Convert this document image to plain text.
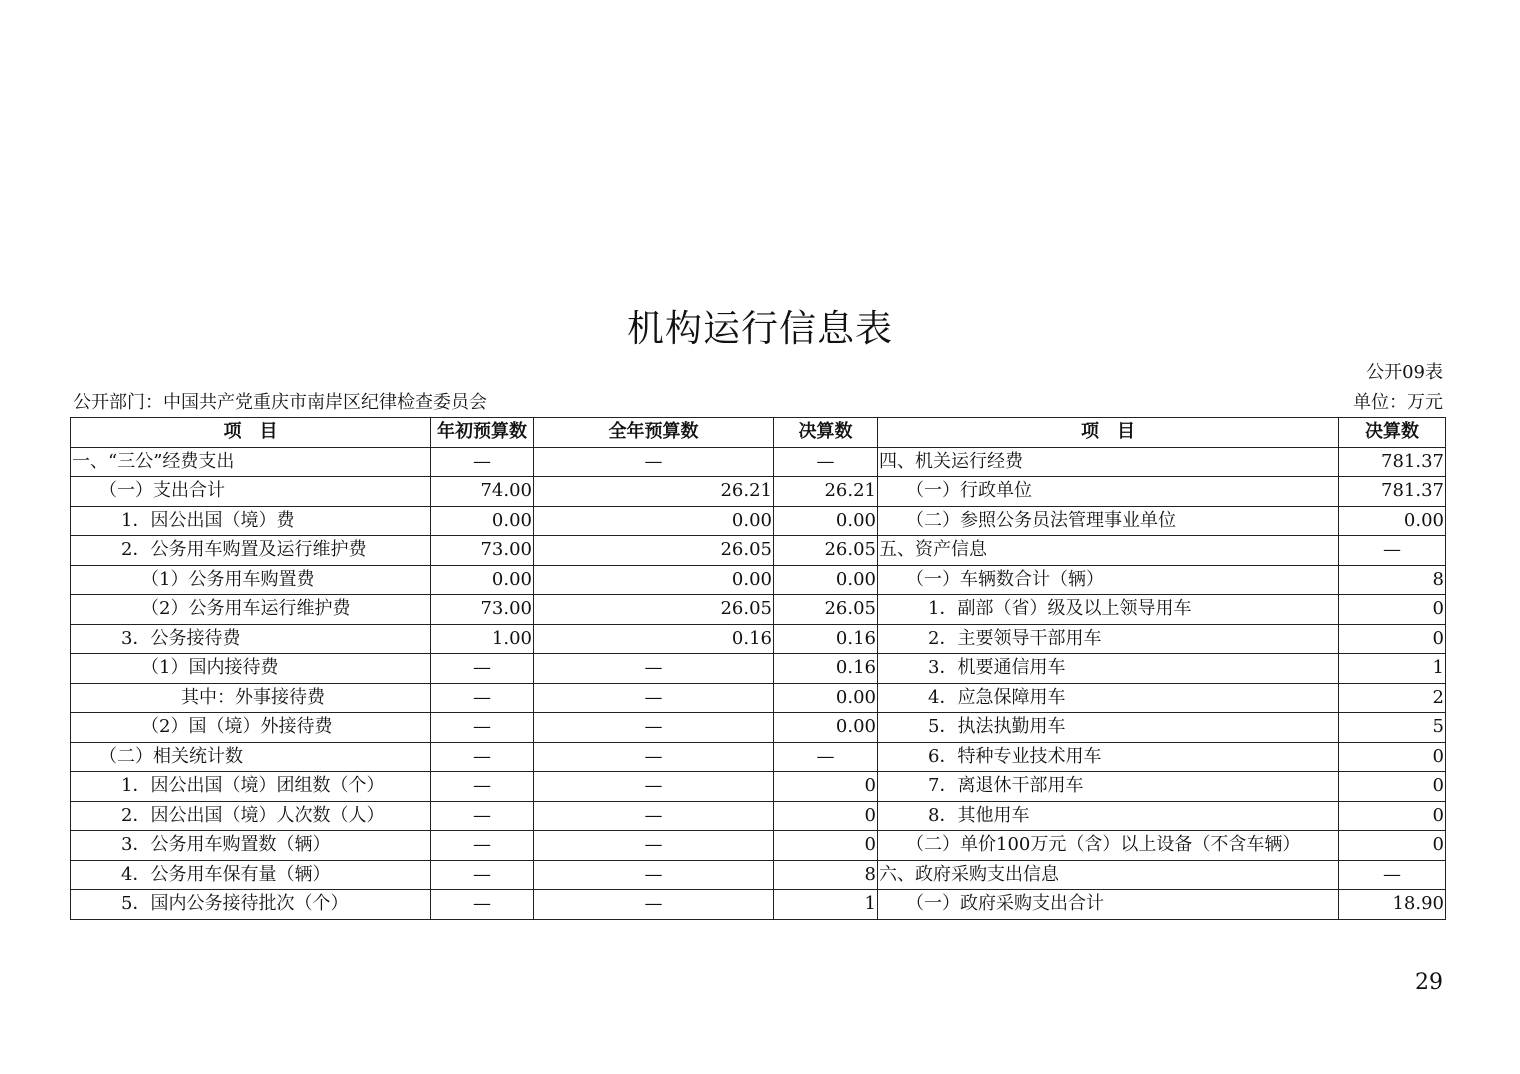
机构运行信息表
公开09表
公开部门：中国共产党重庆市南岸区纪律检查委员会	单位：万元
项　目	年初预算数	全年预算数	决算数	项　目	决算数
一、“三公”经费支出	—	—	—	四、机关运行经费	781.37
（一）支出合计	74.00	26.21	26.21	（一）行政单位	781.37
1．因公出国（境）费	0.00	0.00	0.00	（二）参照公务员法管理事业单位	0.00
2．公务用车购置及运行维护费	73.00	26.05	26.05	五、资产信息	—
（1）公务用车购置费	0.00	0.00	0.00	（一）车辆数合计（辆）	8
（2）公务用车运行维护费	73.00	26.05	26.05	1．副部（省）级及以上领导用车	0
3．公务接待费	1.00	0.16	0.16	2．主要领导干部用车	0
（1）国内接待费	—	—	0.16	3．机要通信用车	1
其中：外事接待费	—	—	0.00	4．应急保障用车	2
（2）国（境）外接待费	—	—	0.00	5．执法执勤用车	5
（二）相关统计数	—	—	—	6．特种专业技术用车	0
1．因公出国（境）团组数（个）	—	—	0	7．离退休干部用车	0
2．因公出国（境）人次数（人）	—	—	0	8．其他用车	0
3．公务用车购置数（辆）	—	—	0	（二）单价100万元（含）以上设备（不含车辆）	0
4．公务用车保有量（辆）	—	—	8	六、政府采购支出信息	—
5．国内公务接待批次（个）	—	—	1	（一）政府采购支出合计	18.90
29
